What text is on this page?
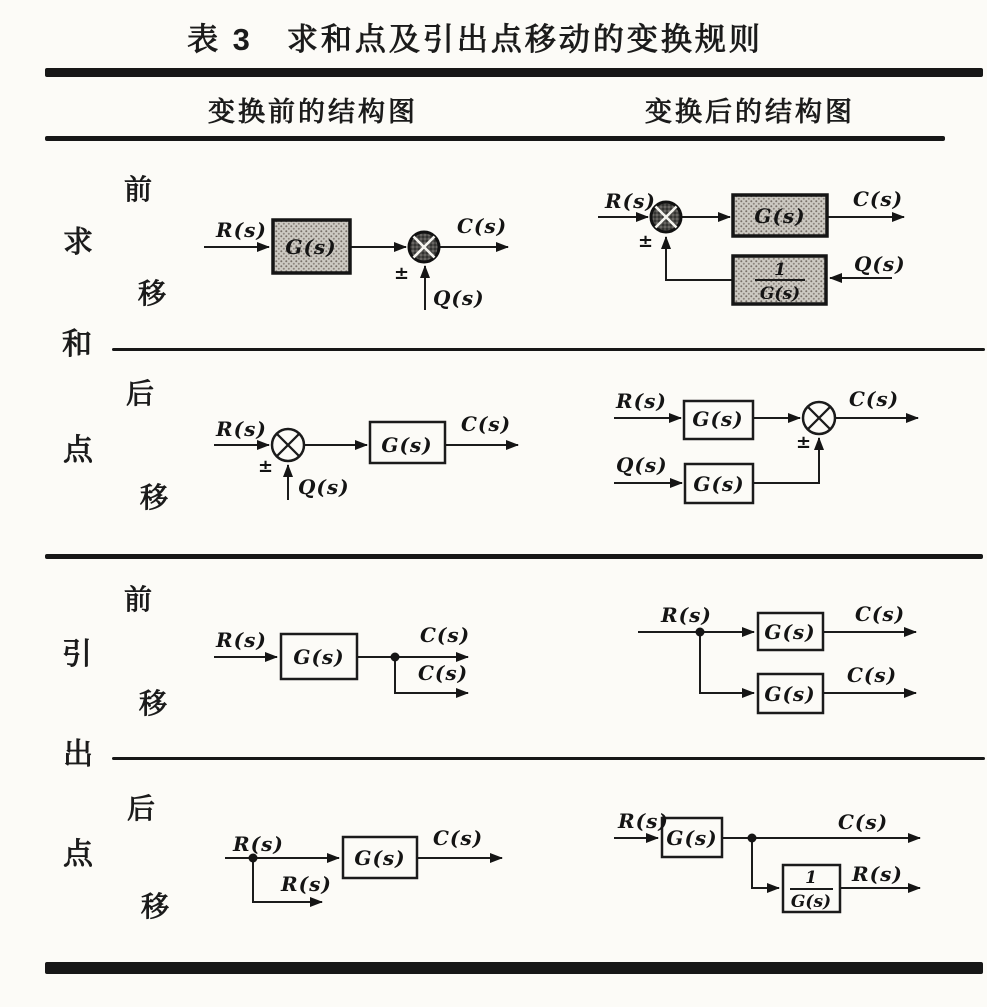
表 3　求和点及引出点移动的变换规则
变换前的结构图	变换后的结构图
求
和
点
引
出
点
前
移
后
移
前
移
后
移
R(s)
G(s)
C(s)
±
Q(s)
R(s)
±
G(s)
C(s)
Q(s)
1
G(s)
R(s)
±
Q(s)
G(s)
C(s)
R(s)
G(s)
C(s)
±
Q(s)
G(s)
R(s)
G(s)
C(s)
C(s)
R(s)
G(s)
C(s)
G(s)
C(s)
R(s)
R(s)
G(s)
C(s)
R(s)
G(s)
C(s)
1
G(s)
R(s)
